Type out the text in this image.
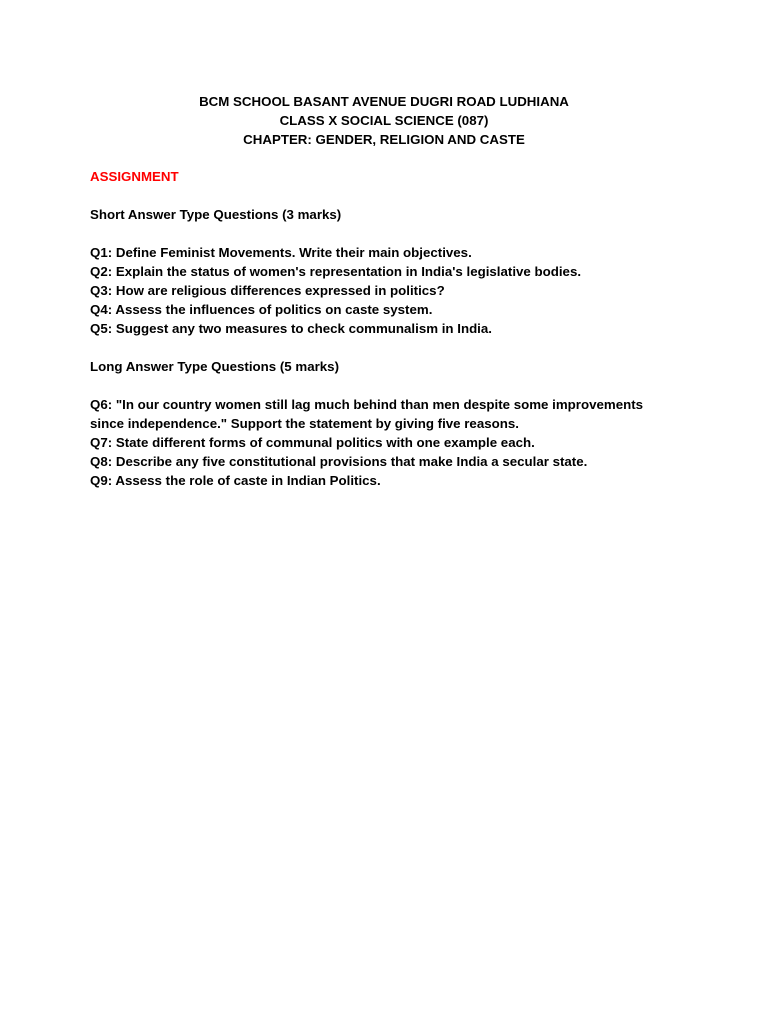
BCM SCHOOL BASANT AVENUE DUGRI ROAD LUDHIANA
CLASS X SOCIAL SCIENCE (087)
CHAPTER: GENDER, RELIGION AND CASTE
ASSIGNMENT
Short Answer Type Questions (3 marks)
Q1: Define Feminist Movements. Write their main objectives.
Q2: Explain the status of women's representation in India's legislative bodies.
Q3: How are religious differences expressed in politics?
Q4: Assess the influences of politics on caste system.
Q5: Suggest any two measures to check communalism in India.
Long Answer Type Questions (5 marks)
Q6: "In our country women still lag much behind than men despite some improvements
since independence." Support the statement by giving five reasons.
Q7: State different forms of communal politics with one example each.
Q8: Describe any five constitutional provisions that make India a secular state.
Q9: Assess the role of caste in Indian Politics.
